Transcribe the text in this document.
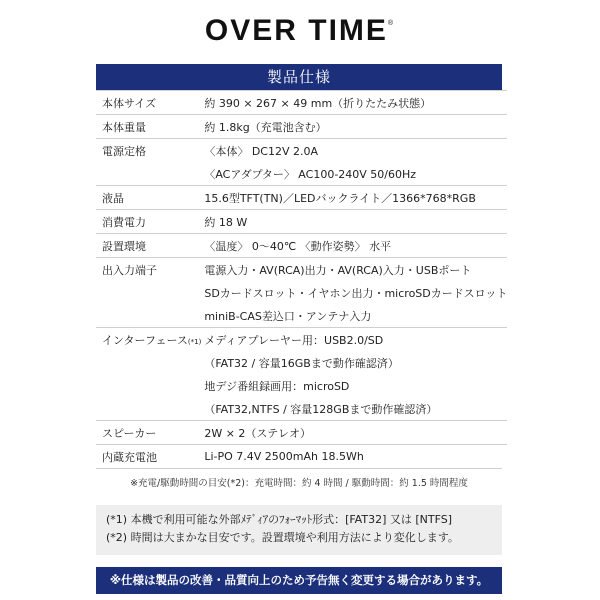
OVER TIME®
製品仕様
本体サイズ	約 390 × 267 × 49 mm（折りたたみ状態）
本体重量	約 1.8kg（充電池含む）
電源定格	〈本体〉 DC12V 2.0A
	〈ACアダプター〉 AC100-240V 50/60Hz
液晶	15.6型TFT(TN)／LEDバックライト／1366*768*RGB
消費電力	約 18 W
設置環境	〈温度〉 0～40℃ 〈動作姿勢〉 水平
出入力端子	電源入力・AV(RCA)出力・AV(RCA)入力・USBポート
	SDカードスロット・イヤホン出力・microSDカードスロット
	miniB-CAS差込口・アンテナ入力
インターフェース(*1)	メディアプレーヤー用：USB2.0/SD
	（FAT32 / 容量16GBまで動作確認済）
	地デジ番組録画用：microSD
	（FAT32,NTFS / 容量128GBまで動作確認済）
スピーカー	2W × 2（ステレオ）
内蔵充電池	Li-PO 7.4V 2500mAh 18.5Wh
※充電/駆動時間の目安(*2)：充電時間：約 4 時間 / 駆動時間：約 1.5 時間程度
(*1) 本機で利用可能な外部ﾒﾃﾞｨｱのﾌｫｰﾏｯﾄ形式：[FAT32] 又は [NTFS]
(*2) 時間は大まかな目安です。設置環境や利用方法により変化します。
※仕様は製品の改善・品質向上のため予告無く変更する場合があります。
